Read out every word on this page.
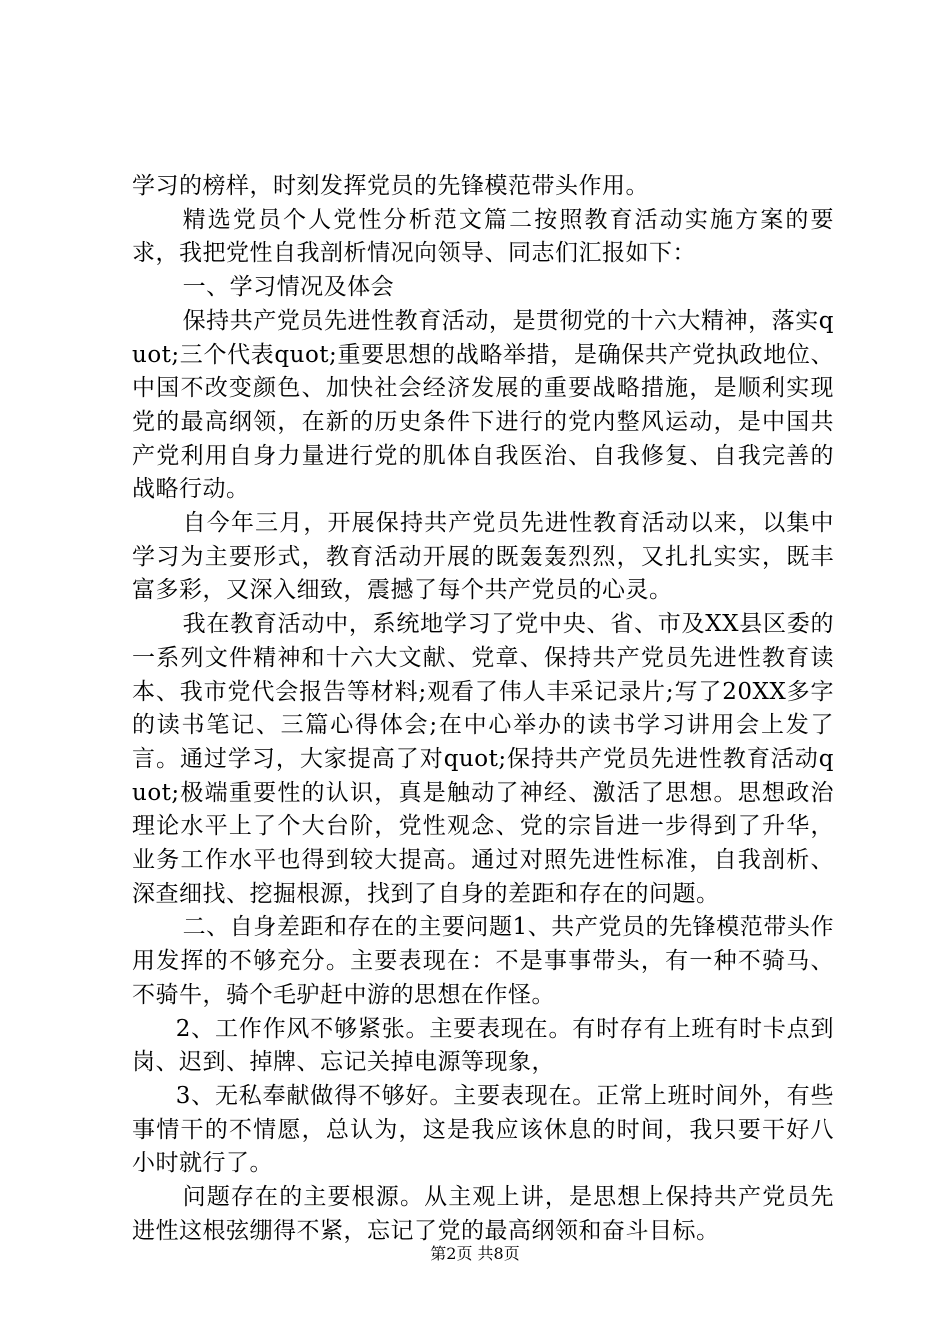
学习的榜样，时刻发挥党员的先锋模范带头作用。

精选党员个人党性分析范文篇二按照教育活动实施方案的要求，我把党性自我剖析情况向领导、同志们汇报如下：

一、学习情况及体会

保持共产党员先进性教育活动，是贯彻党的十六大精神，落实quot;三个代表quot;重要思想的战略举措，是确保共产党执政地位、中国不改变颜色、加快社会经济发展的重要战略措施，是顺利实现党的最高纲领，在新的历史条件下进行的党内整风运动，是中国共产党利用自身力量进行党的肌体自我医治、自我修复、自我完善的战略行动。

自今年三月，开展保持共产党员先进性教育活动以来，以集中学习为主要形式，教育活动开展的既轰轰烈烈，又扎扎实实，既丰富多彩，又深入细致，震撼了每个共产党员的心灵。

我在教育活动中，系统地学习了党中央、省、市及XX县区委的一系列文件精神和十六大文献、党章、保持共产党员先进性教育读本、我市党代会报告等材料;观看了伟人丰采记录片;写了20XX多字的读书笔记、三篇心得体会;在中心举办的读书学习讲用会上发了言。通过学习，大家提高了对quot;保持共产党员先进性教育活动quot;极端重要性的认识，真是触动了神经、激活了思想。思想政治理论水平上了个大台阶，党性观念、党的宗旨进一步得到了升华，业务工作水平也得到较大提高。通过对照先进性标准，自我剖析、深查细找、挖掘根源，找到了自身的差距和存在的问题。

二、自身差距和存在的主要问题1、共产党员的先锋模范带头作用发挥的不够充分。主要表现在：不是事事带头，有一种不骑马、不骑牛，骑个毛驴赶中游的思想在作怪。

2、工作作风不够紧张。主要表现在。有时存有上班有时卡点到岗、迟到、掉牌、忘记关掉电源等现象，

3、无私奉献做得不够好。主要表现在。正常上班时间外，有些事情干的不情愿，总认为，这是我应该休息的时间，我只要干好八小时就行了。

问题存在的主要根源。从主观上讲，是思想上保持共产党员先进性这根弦绷得不紧，忘记了党的最高纲领和奋斗目标。

第2页 共8页
